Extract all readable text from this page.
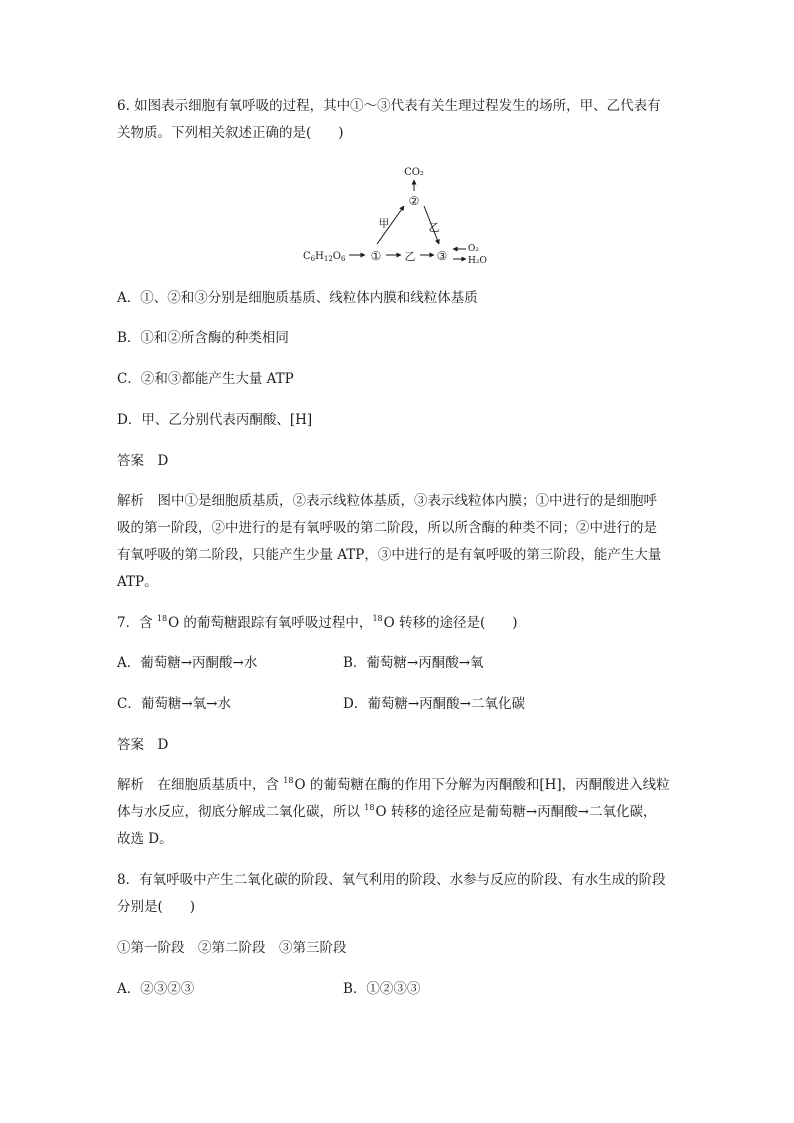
6. 如图表示细胞有氧呼吸的过程，其中①～③代表有关生理过程发生的场所，甲、乙代表有
关物质。下列相关叙述正确的是(　　)
CO₂
②
甲	乙
$C_6H_{12}O_6$ ① 乙 ③ O₂
H₂O
A．①、②和③分别是细胞质基质、线粒体内膜和线粒体基质
B．①和②所含酶的种类相同
C．②和③都能产生大量 ATP
D．甲、乙分别代表丙酮酸、[H]
答案　D
解析　图中①是细胞质基质，②表示线粒体基质，③表示线粒体内膜；①中进行的是细胞呼
吸的第一阶段，②中进行的是有氧呼吸的第二阶段，所以所含酶的种类不同；②中进行的是
有氧呼吸的第二阶段，只能产生少量 ATP，③中进行的是有氧呼吸的第三阶段，能产生大量
ATP。
7．含 $^{18}$O 的葡萄糖跟踪有氧呼吸过程中，$^{18}$O 转移的途径是(　　)
A．葡萄糖→丙酮酸→水	B．葡萄糖→丙酮酸→氧
C．葡萄糖→氧→水	D．葡萄糖→丙酮酸→二氧化碳
答案　D
解析　在细胞质基质中，含 $^{18}$O 的葡萄糖在酶的作用下分解为丙酮酸和[H]，丙酮酸进入线粒
体与水反应，彻底分解成二氧化碳，所以 $^{18}$O 转移的途径应是葡萄糖→丙酮酸→二氧化碳，
故选 D。
8．有氧呼吸中产生二氧化碳的阶段、氧气利用的阶段、水参与反应的阶段、有水生成的阶段
分别是(　　)
①第一阶段　②第二阶段　③第三阶段
A．②③②③	B．①②③③
